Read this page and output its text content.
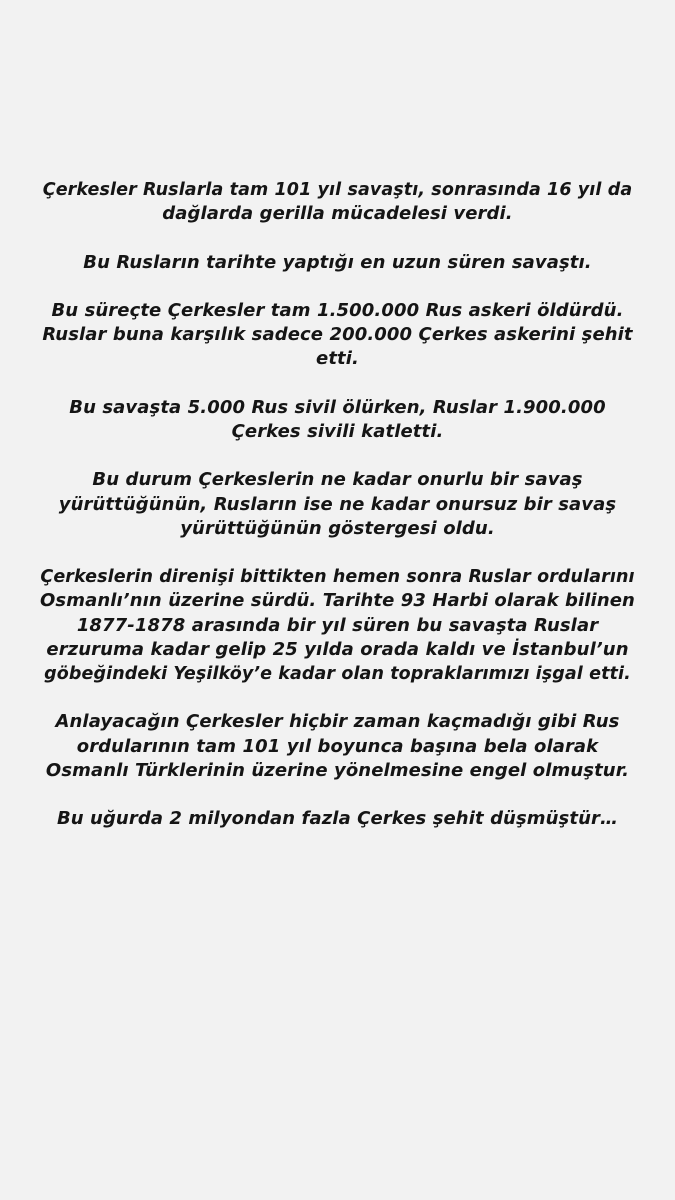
Çerkesler Ruslarla tam 101 yıl savaştı, sonrasında 16 yıl da
dağlarda gerilla mücadelesi verdi.
Bu Rusların tarihte yaptığı en uzun süren savaştı.
Bu süreçte Çerkesler tam 1.500.000 Rus askeri öldürdü.
Ruslar buna karşılık sadece 200.000 Çerkes askerini şehit
etti.
Bu savaşta 5.000 Rus sivil ölürken, Ruslar 1.900.000
Çerkes sivili katletti.
Bu durum Çerkeslerin ne kadar onurlu bir savaş
yürüttüğünün, Rusların ise ne kadar onursuz bir savaş
yürüttüğünün göstergesi oldu.
Çerkeslerin direnişi bittikten hemen sonra Ruslar ordularını
Osmanlı’nın üzerine sürdü. Tarihte 93 Harbi olarak bilinen
1877-1878 arasında bir yıl süren bu savaşta Ruslar
erzuruma kadar gelip 25 yılda orada kaldı ve İstanbul’un
göbeğindeki Yeşilköy’e kadar olan topraklarımızı işgal etti.
Anlayacağın Çerkesler hiçbir zaman kaçmadığı gibi Rus
ordularının tam 101 yıl boyunca başına bela olarak
Osmanlı Türklerinin üzerine yönelmesine engel olmuştur.
Bu uğurda 2 milyondan fazla Çerkes şehit düşmüştür…
